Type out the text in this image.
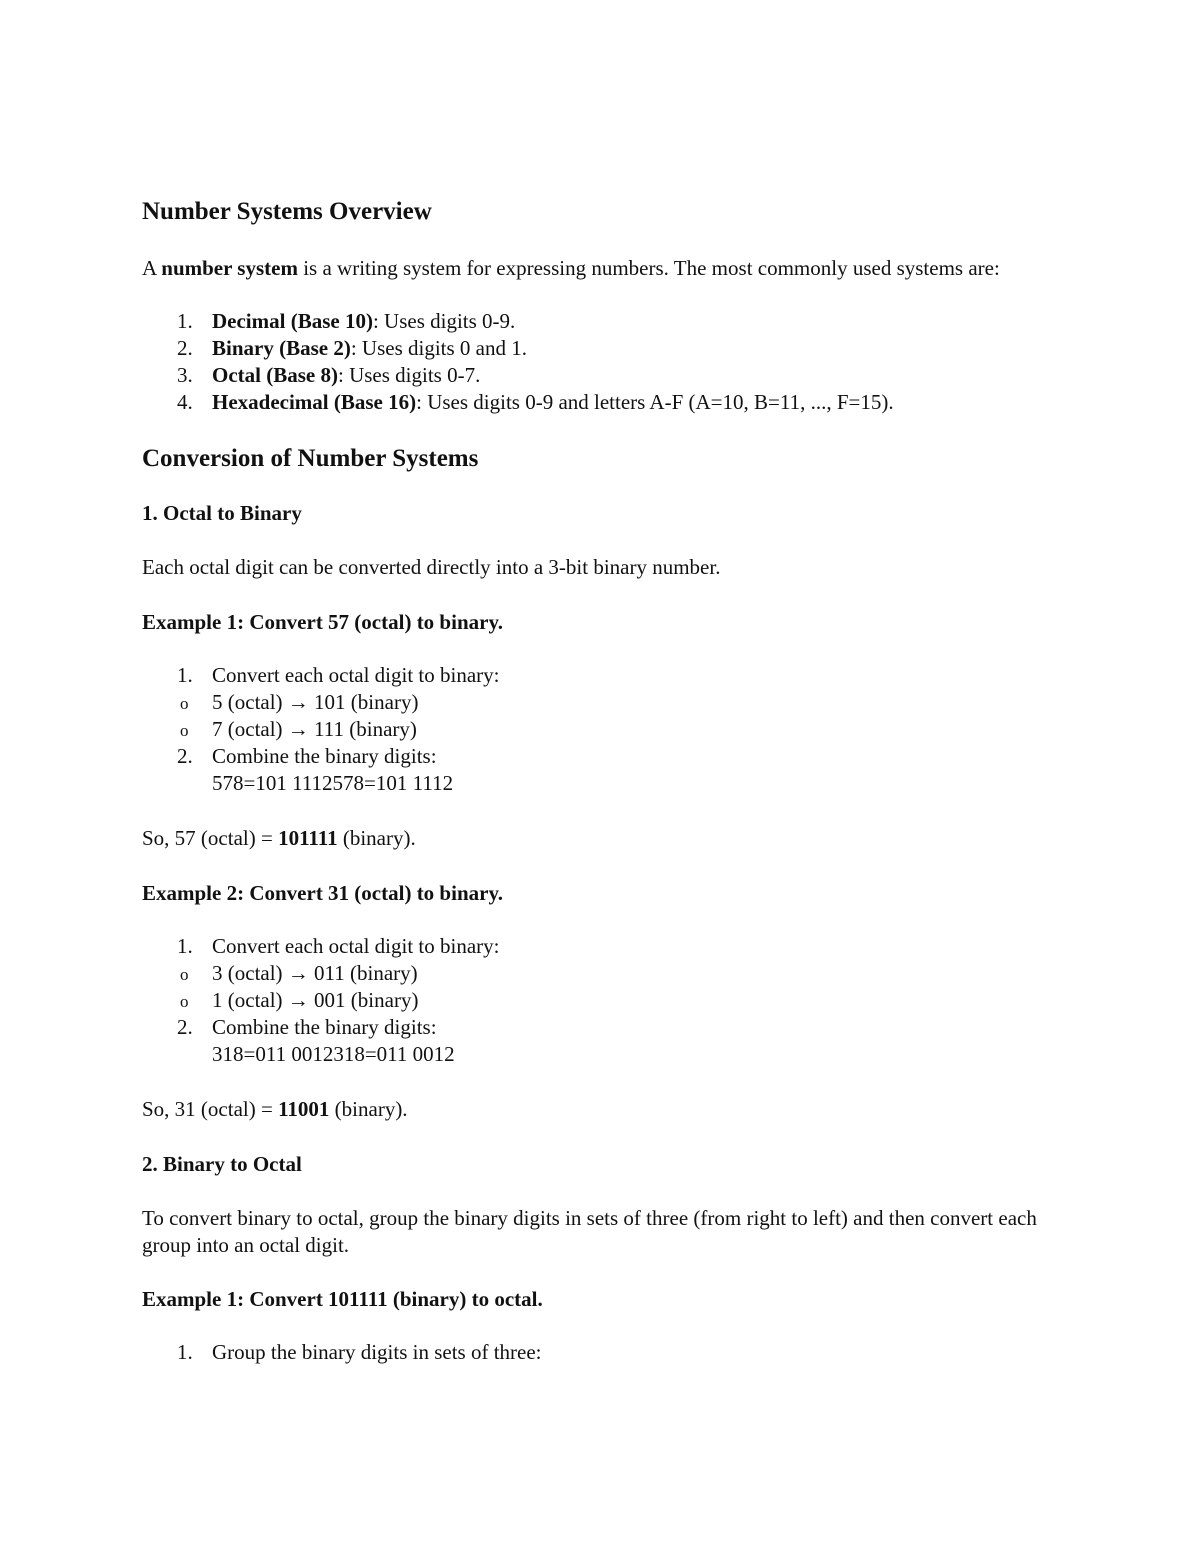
Number Systems Overview

A number system is a writing system for expressing numbers. The most commonly used systems are:

1. Decimal (Base 10): Uses digits 0-9.
2. Binary (Base 2): Uses digits 0 and 1.
3. Octal (Base 8): Uses digits 0-7.
4. Hexadecimal (Base 16): Uses digits 0-9 and letters A-F (A=10, B=11, ..., F=15).
Conversion of Number Systems
1. Octal to Binary

Each octal digit can be converted directly into a 3-bit binary number.

Example 1: Convert 57 (octal) to binary.
1. Convert each octal digit to binary:
o 5 (octal) → 101 (binary)
o 7 (octal) → 111 (binary)
2. Combine the binary digits:
578=101 1112578=101 1112

So, 57 (octal) = 101111 (binary).

Example 2: Convert 31 (octal) to binary.
1. Convert each octal digit to binary:
o 3 (octal) → 011 (binary)
o 1 (octal) → 001 (binary)
2. Combine the binary digits:
318=011 0012318=011 0012

So, 31 (octal) = 11001 (binary).

2. Binary to Octal

To convert binary to octal, group the binary digits in sets of three (from right to left) and then convert each group into an octal digit.

Example 1: Convert 101111 (binary) to octal.
1. Group the binary digits in sets of three:
